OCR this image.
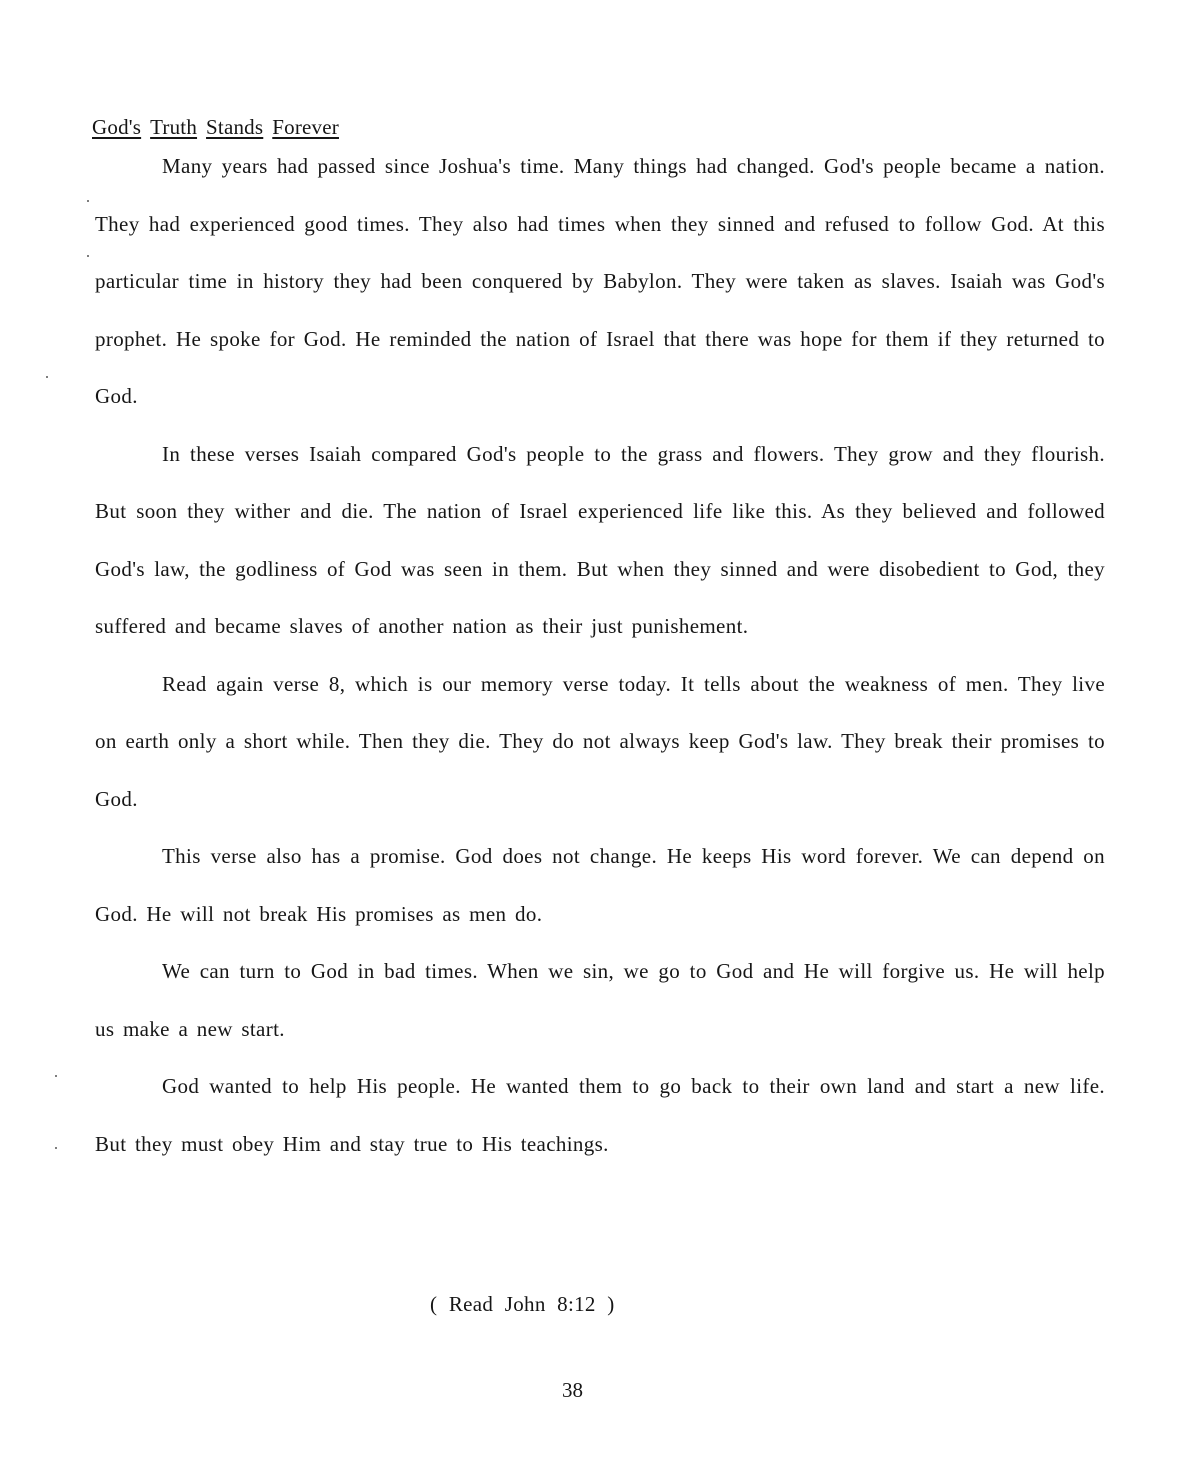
God's Truth Stands Forever

Many years had passed since Joshua's time. Many things had changed. God's people became a nation. They had experienced good times. They also had times when they sinned and refused to follow God. At this particular time in history they had been conquered by Babylon. They were taken as slaves. Isaiah was God's prophet. He spoke for God. He reminded the nation of Israel that there was hope for them if they returned to God.

In these verses Isaiah compared God's people to the grass and flowers. They grow and they flourish. But soon they wither and die. The nation of Israel experienced life like this. As they believed and followed God's law, the godliness of God was seen in them. But when they sinned and were disobedient to God, they suffered and became slaves of another nation as their just punishement.

Read again verse 8, which is our memory verse today. It tells about the weakness of men. They live on earth only a short while. Then they die. They do not always keep God's law. They break their promises to God.

This verse also has a promise. God does not change. He keeps His word forever. We can depend on God. He will not break His promises as men do.

We can turn to God in bad times. When we sin, we go to God and He will forgive us. He will help us make a new start.

God wanted to help His people. He wanted them to go back to their own land and start a new life. But they must obey Him and stay true to His teachings.

( Read John 8:12 )
38
